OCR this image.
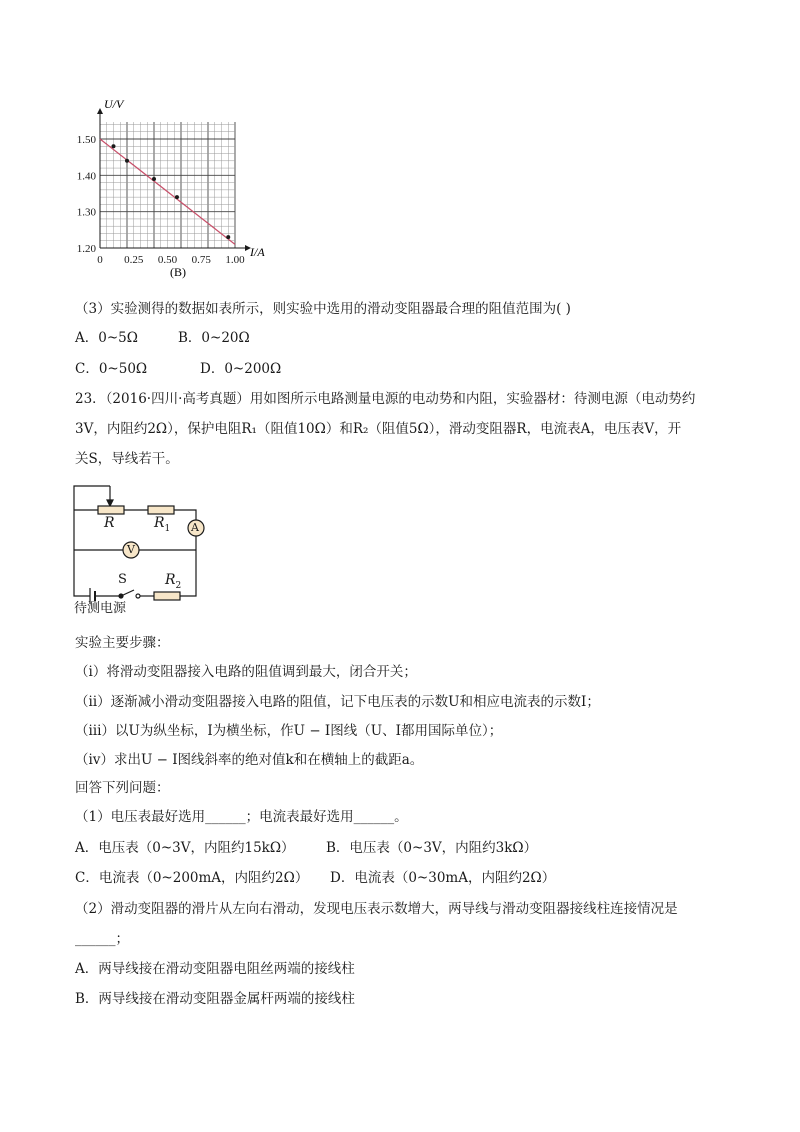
1.50
1.40
1.30
1.20
0 0.25 0.50 0.75 1.00
U/V
I/A
(B)
（3）实验测得的数据如表所示，则实验中选用的滑动变阻器最合理的阻值范围为( )
A．0~5Ω	B．0~20Ω
C．0~50Ω	D．0~200Ω
23．（2016·四川·高考真题）用如图所示电路测量电源的电动势和内阻，实验器材：待测电源（电动势约
3V，内阻约2Ω），保护电阻R₁（阻值10Ω）和R₂（阻值5Ω），滑动变阻器R，电流表A，电压表V，开
关S，导线若干。
R	$R_1$ A
V
S	$R_2$
待测电源
实验主要步骤：
（ⅰ）将滑动变阻器接入电路的阻值调到最大，闭合开关；
（ⅱ）逐渐减小滑动变阻器接入电路的阻值，记下电压表的示数U和相应电流表的示数I；
（ⅲ）以U为纵坐标，I为横坐标，作U − I图线（U、I都用国际单位）；
（ⅳ）求出U − I图线斜率的绝对值k和在横轴上的截距a。
回答下列问题：
（1）电压表最好选用______；电流表最好选用______。
A．电压表（0~3V，内阻约15kΩ） B．电压表（0~3V，内阻约3kΩ）
C．电流表（0~200mA，内阻约2Ω） D．电流表（0~30mA，内阻约2Ω）
（2）滑动变阻器的滑片从左向右滑动，发现电压表示数增大，两导线与滑动变阻器接线柱连接情况是
______；
A．两导线接在滑动变阻器电阻丝两端的接线柱
B．两导线接在滑动变阻器金属杆两端的接线柱
